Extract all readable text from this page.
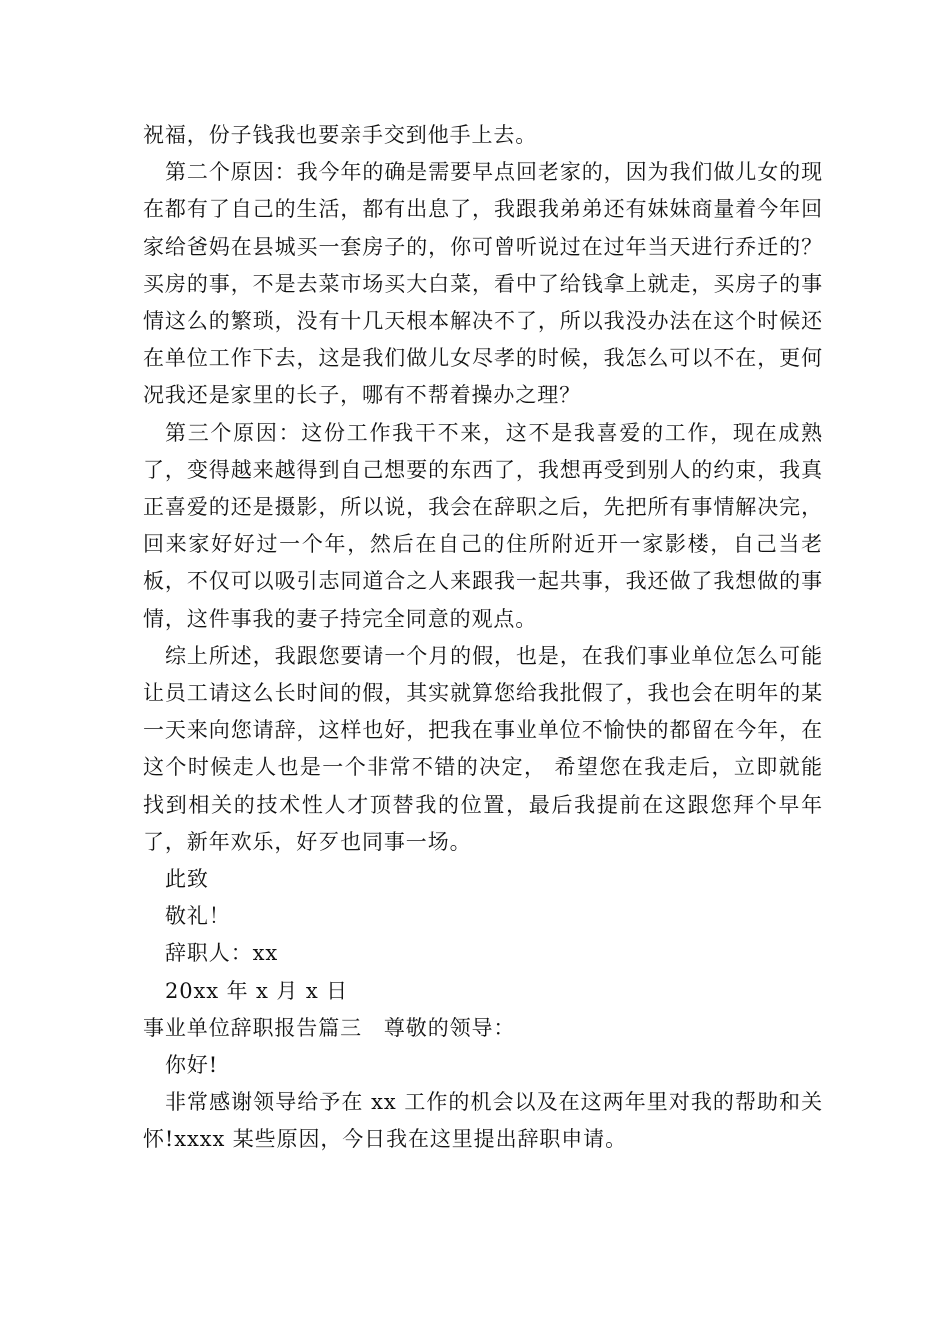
祝福，份子钱我也要亲手交到他手上去。

第二个原因：我今年的确是需要早点回老家的，因为我们做儿女的现在都有了自己的生活，都有出息了，我跟我弟弟还有妹妹商量着今年回家给爸妈在县城买一套房子的，你可曾听说过在过年当天进行乔迁的？买房的事，不是去菜市场买大白菜，看中了给钱拿上就走，买房子的事情这么的繁琐，没有十几天根本解决不了，所以我没办法在这个时候还在单位工作下去，这是我们做儿女尽孝的时候，我怎么可以不在，更何况我还是家里的长子，哪有不帮着操办之理？

第三个原因：这份工作我干不来，这不是我喜爱的工作，现在成熟了，变得越来越得到自己想要的东西了，我想再受到别人的约束，我真正喜爱的还是摄影，所以说，我会在辞职之后，先把所有事情解决完，回来家好好过一个年，然后在自己的住所附近开一家影楼，自己当老板，不仅可以吸引志同道合之人来跟我一起共事，我还做了我想做的事情，这件事我的妻子持完全同意的观点。

综上所述，我跟您要请一个月的假，也是，在我们事业单位怎么可能让员工请这么长时间的假，其实就算您给我批假了，我也会在明年的某一天来向您请辞，这样也好，把我在事业单位不愉快的都留在今年，在这个时候走人也是一个非常不错的决定， 希望您在我走后，立即就能找到相关的技术性人才顶替我的位置，最后我提前在这跟您拜个早年了，新年欢乐，好歹也同事一场。

此致

敬礼！

辞职人：xx

20xx 年 x 月 x 日

事业单位辞职报告篇三　尊敬的领导：

你好!

非常感谢领导给予在 xx 工作的机会以及在这两年里对我的帮助和关怀!xxxx 某些原因，今日我在这里提出辞职申请。
